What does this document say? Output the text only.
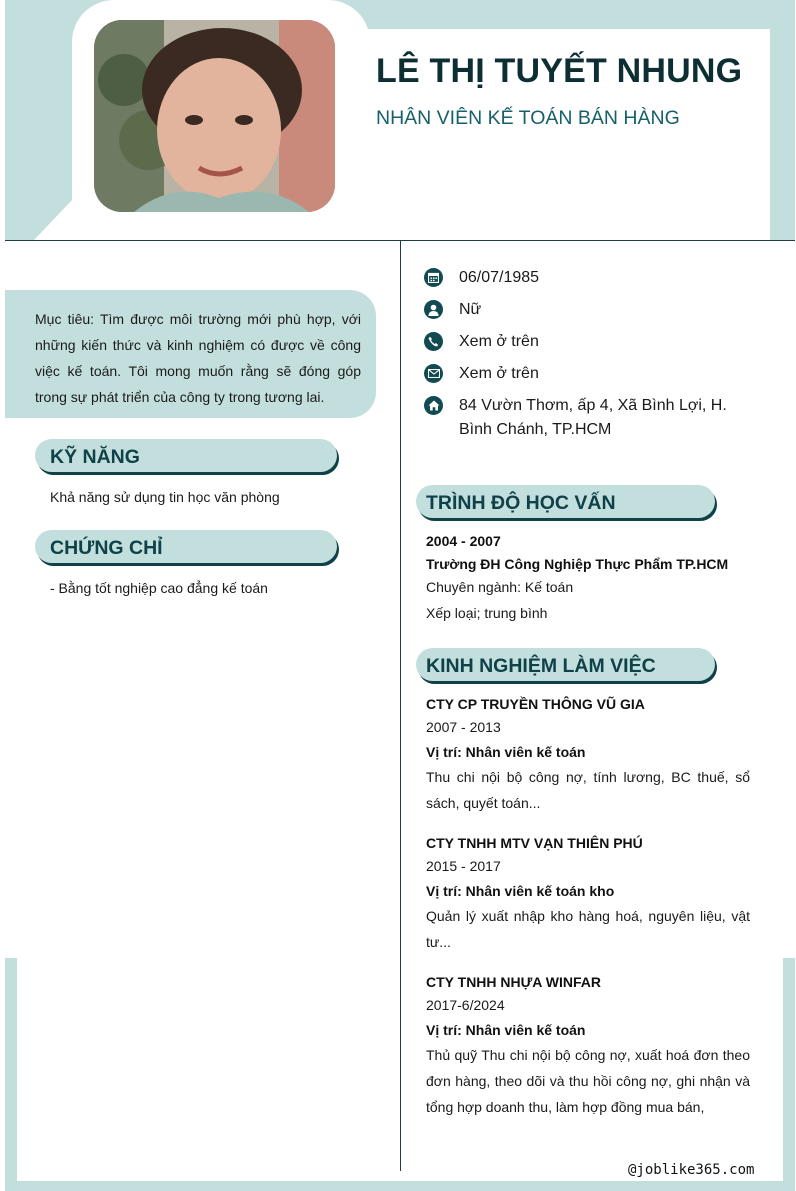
LÊ THỊ TUYẾT NHUNG
NHÂN VIÊN KẾ TOÁN BÁN HÀNG
Mục tiêu: Tìm được môi trường mới phù hợp, với những kiến thức và kinh nghiệm có được về công việc kế toán. Tôi mong muốn rằng sẽ đóng góp trong sự phát triển của công ty trong tương lai.
KỸ NĂNG
Khả năng sử dụng tin học văn phòng
CHỨNG CHỈ
- Bằng tốt nghiệp cao đẳng kế toán
06/07/1985
Nữ
Xem ở trên
Xem ở trên
84 Vườn Thơm, ấp 4, Xã Bình Lợi, H. Bình Chánh, TP.HCM
TRÌNH ĐỘ HỌC VẤN
2004 - 2007
Trường ĐH Công Nghiệp Thực Phẩm TP.HCM
Chuyên ngành: Kế toán
Xếp loại; trung bình
KINH NGHIỆM LÀM VIỆC
CTY CP TRUYỀN THÔNG VŨ GIA
2007 - 2013
Vị trí: Nhân viên kế toán
Thu chi nội bộ công nợ, tính lương, BC thuế, sổ sách, quyết toán...
CTY TNHH MTV VẠN THIÊN PHÚ
2015 - 2017
Vị trí: Nhân viên kế toán kho
Quản lý xuất nhập kho hàng hoá, nguyên liệu, vật tư...
CTY TNHH NHỰA WINFAR
2017-6/2024
Vị trí: Nhân viên kế toán
Thủ quỹ Thu chi nội bộ công nợ, xuất hoá đơn theo đơn hàng, theo dõi và thu hồi công nợ, ghi nhận và tổng hợp doanh thu, làm hợp đồng mua bán,
@joblike365.com
